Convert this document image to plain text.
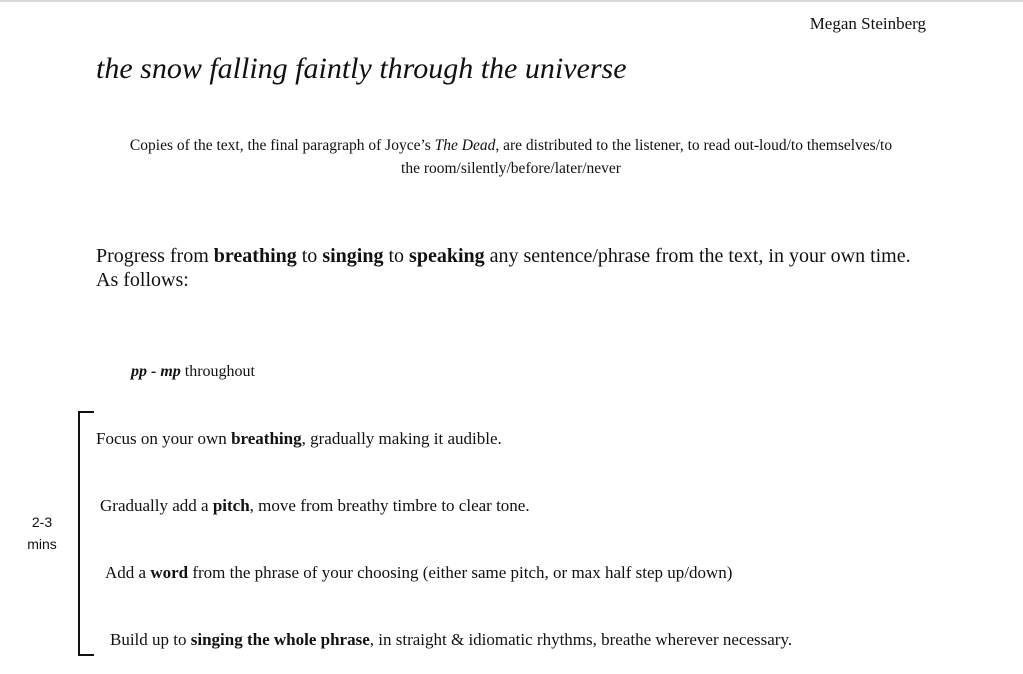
Megan Steinberg
the snow falling faintly through the universe
Copies of the text, the final paragraph of Joyce’s The Dead, are distributed to the listener, to read out-loud/to themselves/to the room/silently/before/later/never
Progress from breathing to singing to speaking any sentence/phrase from the text, in your own time. As follows:
pp - mp throughout
2-3
mins
Focus on your own breathing, gradually making it audible.
Gradually add a pitch, move from breathy timbre to clear tone.
Add a word from the phrase of your choosing (either same pitch, or max half step up/down)
Build up to singing the whole phrase, in straight & idiomatic rhythms, breathe wherever necessary.
